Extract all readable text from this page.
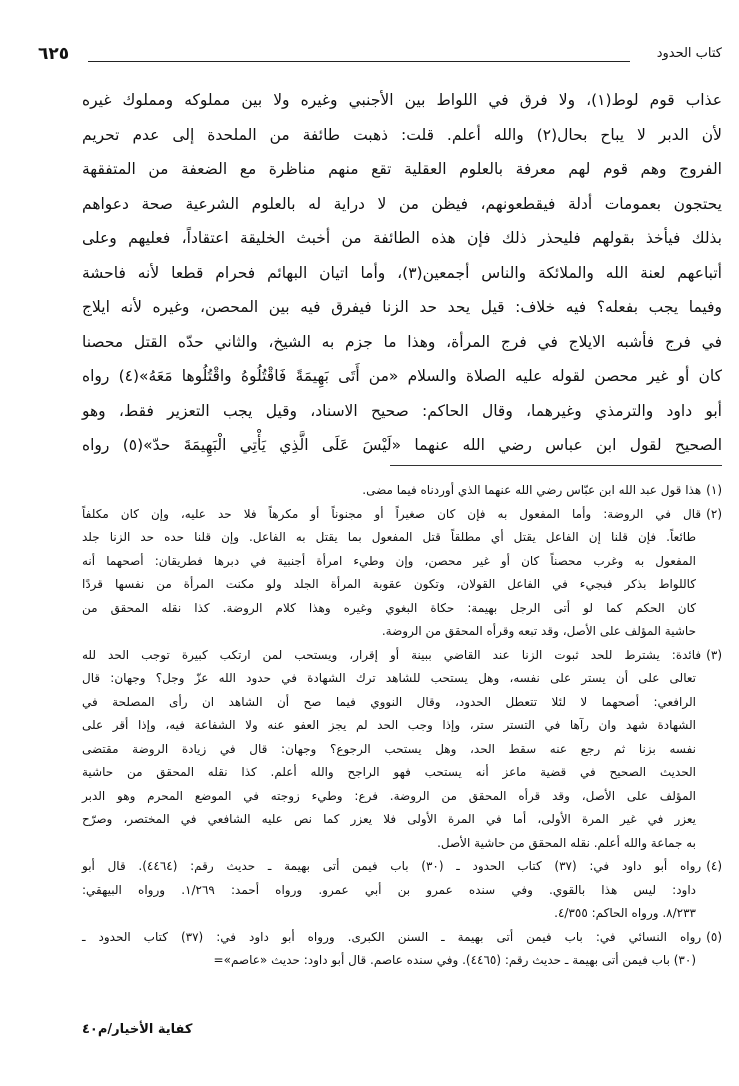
٦٢٥	كتاب الحدود
عذاب قوم لوط(١)، ولا فرق في اللواط بين الأجنبي وغيره ولا بين مملوكه ومملوك غيره
لأن الدبر لا يباح بحال(٢) والله أعلم. قلت: ذهبت طائفة من الملحدة إلى عدم تحريم
الفروج وهم قوم لهم معرفة بالعلوم العقلية تقع منهم مناظرة مع الضعفة من المتفقهة
يحتجون بعمومات أدلة فيقطعونهم، فيظن من لا دراية له بالعلوم الشرعية صحة دعواهم
بذلك فيأخذ بقولهم فليحذر ذلك فإن هذه الطائفة من أخبث الخليقة اعتقاداً، فعليهم وعلى
أتباعهم لعنة الله والملائكة والناس أجمعين(٣)، وأما اتيان البهائم فحرام قطعا لأنه فاحشة
وفيما يجب بفعله؟ فيه خلاف: قيل يحد حد الزنا فيفرق فيه بين المحصن، وغيره لأنه ايلاج
في فرج فأشبه الايلاج في فرج المرأة، وهذا ما جزم به الشيخ، والثاني حدّه القتل محصنا
كان أو غير محصن لقوله عليه الصلاة والسلام «من أَتَى بَهِيمَةً فَاقْتُلُوهُ واقْتُلُوها مَعَهُ»(٤) رواه
أبو داود والترمذي وغيرهما، وقال الحاكم: صحيح الاسناد، وقيل يجب التعزير فقط، وهو
الصحيح لقول ابن عباس رضي الله عنهما «لَيْسَ عَلَى الَّذِي يَأْتِي الْبَهِيمَةَ حدّ»(٥) رواه
(١)هذا قول عبد الله ابن عبّاس رضي الله عنهما الذي أوردناه فيما مضى.
(٢)قال في الروضة: وأما المفعول به فإن كان صغيراً أو مجنوناً أو مكرهاً فلا حد عليه، وإن كان مكلفاً
طائعاً. فإن قلنا إن الفاعل يقتل أي مطلقاً قتل المفعول بما يقتل به الفاعل. وإن قلنا حده حد الزنا جلد
المفعول به وغرب محصناً كان أو غير محصن، وإن وطيء امرأة أجنبية في دبرها فطريقان: أصحهما أنه
كاللواط بذكر فبجيء في الفاعل القولان، وتكون عقوبة المرأة الجلد ولو مكنت المرأة من نفسها قردًا
كان الحكم كما لو أتى الرجل بهيمة: حكاة البغوي وغيره وهذا كلام الروضة. كذا نقله المحقق من
حاشية المؤلف على الأصل، وقد تبعه وقرأه المحقق من الروضة.
(٣)فائدة: يشترط للحد ثبوت الزنا عند القاضي ببينة أو إقرار، ويستحب لمن ارتكب كبيرة توجب الحد لله
تعالى على أن يستر على نفسه، وهل يستحب للشاهد ترك الشهادة في حدود الله عزّ وجل؟ وجهان: قال
الرافعي: أصحهما لا لئلا تتعطل الحدود، وقال النووي فيما صح أن الشاهد ان رأى المصلحة في
الشهادة شهد وان رآها في التستر ستر، وإذا وجب الحد لم يجز العفو عنه ولا الشفاعة فيه، وإذا أقر على
نفسه بزنا ثم رجع عنه سقط الحد، وهل يستحب الرجوع؟ وجهان: قال في زيادة الروضة مقتضى
الحديث الصحيح في قضية ماعز أنه يستحب فهو الراجح والله أعلم. كذا نقله المحقق من حاشية
المؤلف على الأصل، وقد قرأه المحقق من الروضة. فرع: وطيء زوجته في الموضع المحرم وهو الدبر
يعزر في غير المرة الأولى، أما في المرة الأولى فلا يعزر كما نص عليه الشافعي في المختصر، وصرّح
به جماعة والله أعلم. نقله المحقق من حاشية الأصل.
(٤)رواه أبو داود في: (٣٧) كتاب الحدود ـ (٣٠) باب فيمن أتى بهيمة ـ حديث رقم: (٤٤٦٤). قال أبو
داود: ليس هذا بالقوي. وفي سنده عمرو بن أبي عمرو. ورواه أحمد: ١/٢٦٩. ورواه البيهقي:
٨/٢٣٣. ورواه الحاكم: ٤/٣٥٥.
(٥)رواه النسائي في: باب فيمن أتى بهيمة ـ السنن الكبرى. ورواه أبو داود في: (٣٧) كتاب الحدود ـ
(٣٠) باب فيمن أتى بهيمة ـ حديث رقم: (٤٤٦٥). وفي سنده عاصم. قال أبو داود: حديث «عاصم»=
كفاية الأخيار/م٤٠
